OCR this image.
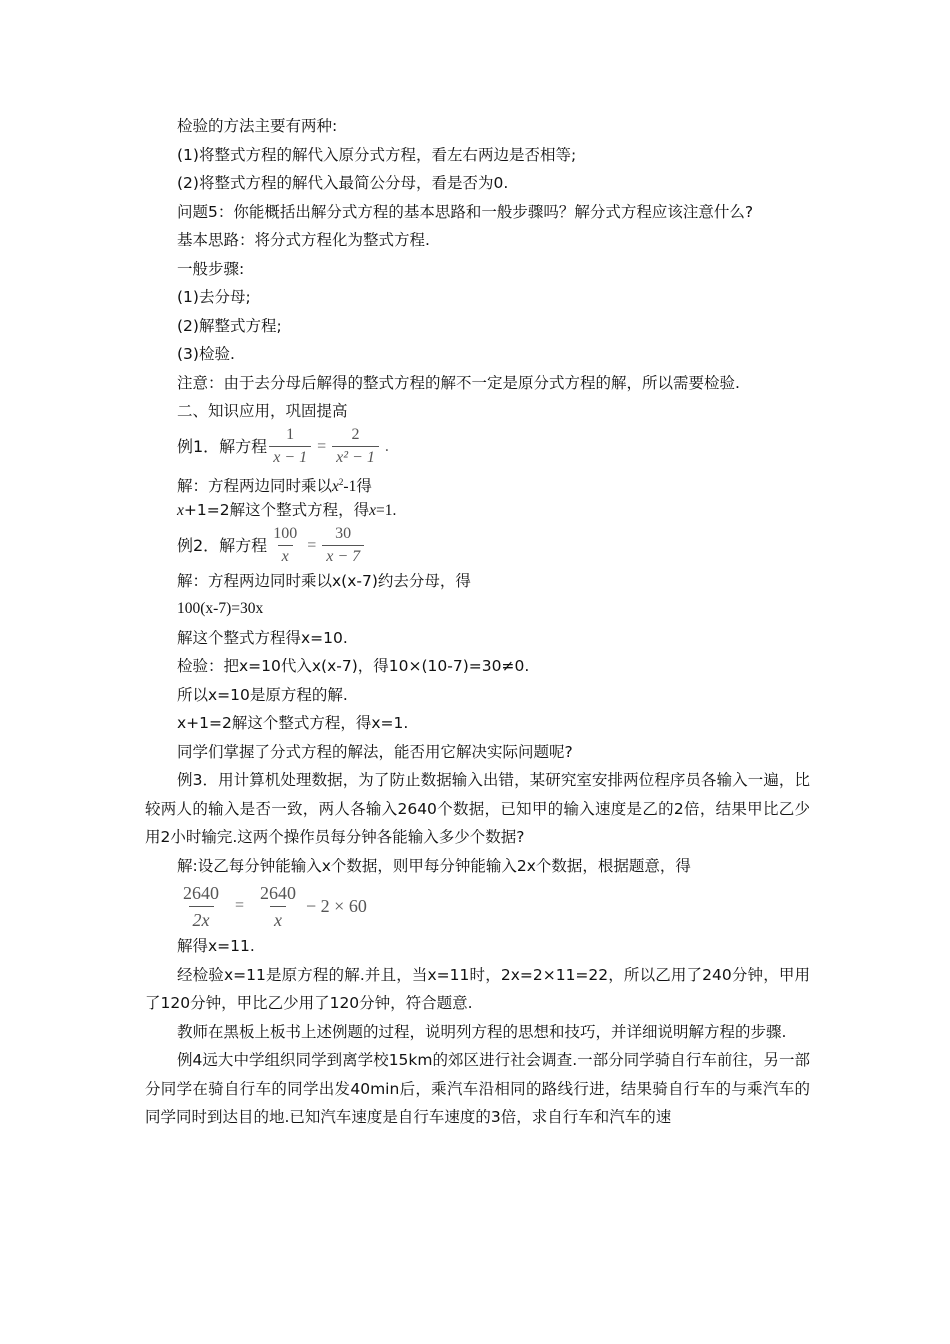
检验的方法主要有两种:
(1)将整式方程的解代入原分式方程，看左右两边是否相等;
(2)将整式方程的解代入最简公分母，看是否为0.
问题5：你能概括出解分式方程的基本思路和一般步骤吗？解分式方程应该注意什么?
基本思路：将分式方程化为整式方程.
一般步骤:
(1)去分母;
(2)解整式方程;
(3)检验.
注意：由于去分母后解得的整式方程的解不一定是原分式方程的解，所以需要检验.
二、知识应用，巩固提高
例1．解方程 $\frac{1}{x - 1} = \frac{2}{\text{x² − 1}}$ .
解：方程两边同时乘以$x^2-1$得
x+1=2解这个整式方程，得x=1.
例2．解方程 $\frac{100}{x} = \frac{30}{x - 7}$
解：方程两边同时乘以x(x-7)约去分母，得
100(x-7)=30x
解这个整式方程得x=10.
检验：把x=10代入x(x-7)，得10×(10-7)=30≠0.
所以x=10是原方程的解.
x+1=2解这个整式方程，得x=1.
同学们掌握了分式方程的解法，能否用它解决实际问题呢?
例3．用计算机处理数据，为了防止数据输入出错，某研究室安排两位程序员各输入一遍，比较两人的输入是否一致，两人各输入2640个数据，已知甲的输入速度是乙的2倍，结果甲比乙少用2小时输完.这两个操作员每分钟各能输入多少个数据?
解:设乙每分钟能输入x个数据，则甲每分钟能输入2x个数据，根据题意，得
$\frac{2640}{2x} = \frac{2640}{x} - 2 \times 60$
解得x=11.
经检验x=11是原方程的解.并且，当x=11时，2x=2×11=22，所以乙用了240分钟，甲用了120分钟，甲比乙少用了120分钟，符合题意.
教师在黑板上板书上述例题的过程，说明列方程的思想和技巧，并详细说明解方程的步骤.
例4远大中学组织同学到离学校15km的郊区进行社会调查.一部分同学骑自行车前往，另一部分同学在骑自行车的同学出发40min后，乘汽车沿相同的路线行进，结果骑自行车的与乘汽车的同学同时到达目的地.已知汽车速度是自行车速度的3倍，求自行车和汽车的速
